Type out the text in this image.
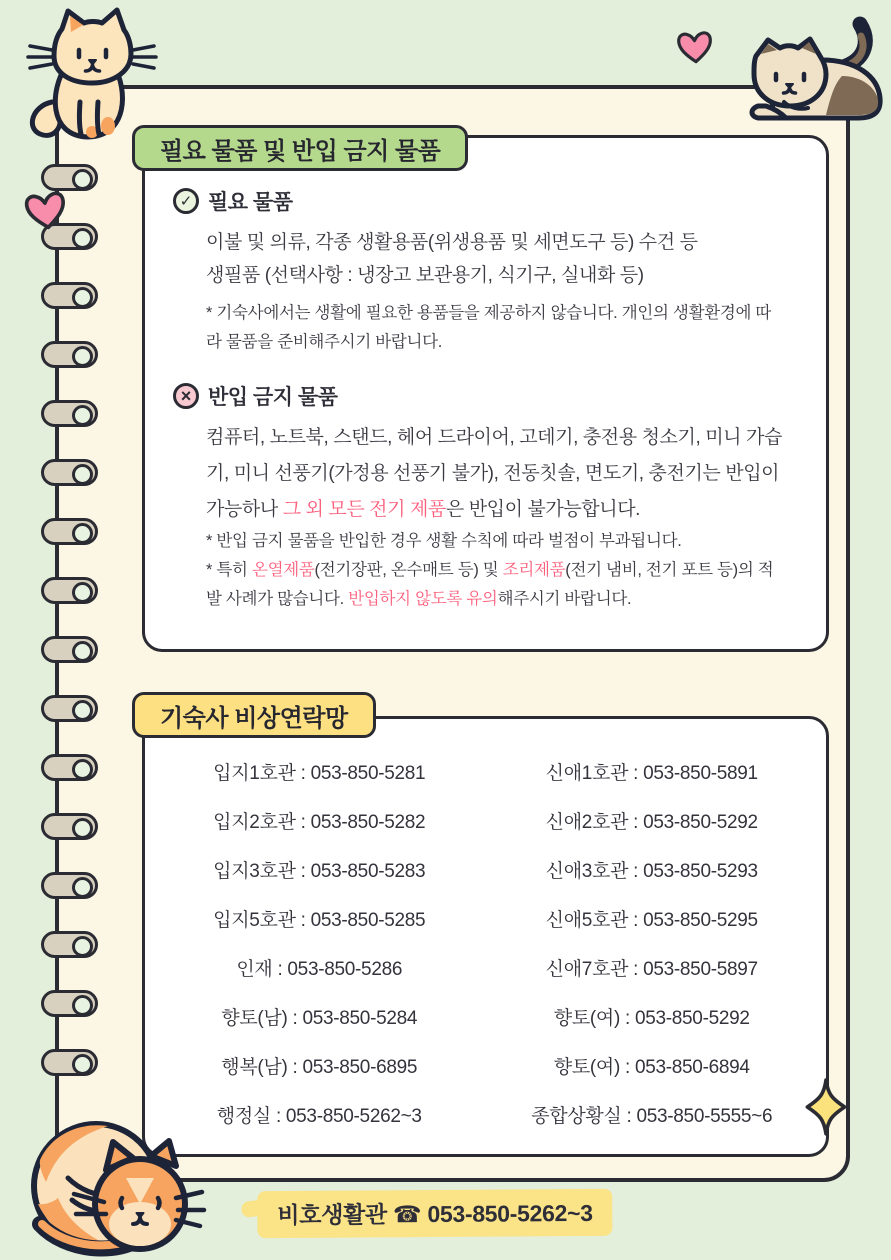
✓ 필요 물품
이불 및 의류, 각종 생활용품(위생용품 및 세면도구 등) 수건 등
생필품 (선택사항 : 냉장고 보관용기, 식기구, 실내화 등)
* 기숙사에서는 생활에 필요한 용품들을 제공하지 않습니다. 개인의 생활환경에 따
라 물품을 준비해주시기 바랍니다.
× 반입 금지 물품
컴퓨터, 노트북, 스탠드, 헤어 드라이어, 고데기, 충전용 청소기, 미니 가습
기, 미니 선풍기(가정용 선풍기 불가), 전동칫솔, 면도기, 충전기는 반입이
가능하나 그 외 모든 전기 제품은 반입이 불가능합니다.
* 반입 금지 물품을 반입한 경우 생활 수칙에 따라 벌점이 부과됩니다.
* 특히 온열제품(전기장판, 온수매트 등) 및 조리제품(전기 냄비, 전기 포트 등)의 적
발 사례가 많습니다. 반입하지 않도록 유의해주시기 바랍니다.
입지1호관 : 053-850-5281	신애1호관 : 053-850-5891
입지2호관 : 053-850-5282	신애2호관 : 053-850-5292
입지3호관 : 053-850-5283	신애3호관 : 053-850-5293
입지5호관 : 053-850-5285	신애5호관 : 053-850-5295
인재 : 053-850-5286	신애7호관 : 053-850-5897
향토(남) : 053-850-5284	향토(여) : 053-850-5292
행복(남) : 053-850-6895	향토(여) : 053-850-6894
행정실 : 053-850-5262~3	종합상황실 : 053-850-5555~6
필요 물품 및 반입 금지 물품
기숙사 비상연락망
비호생활관 ☎ 053-850-5262~3
